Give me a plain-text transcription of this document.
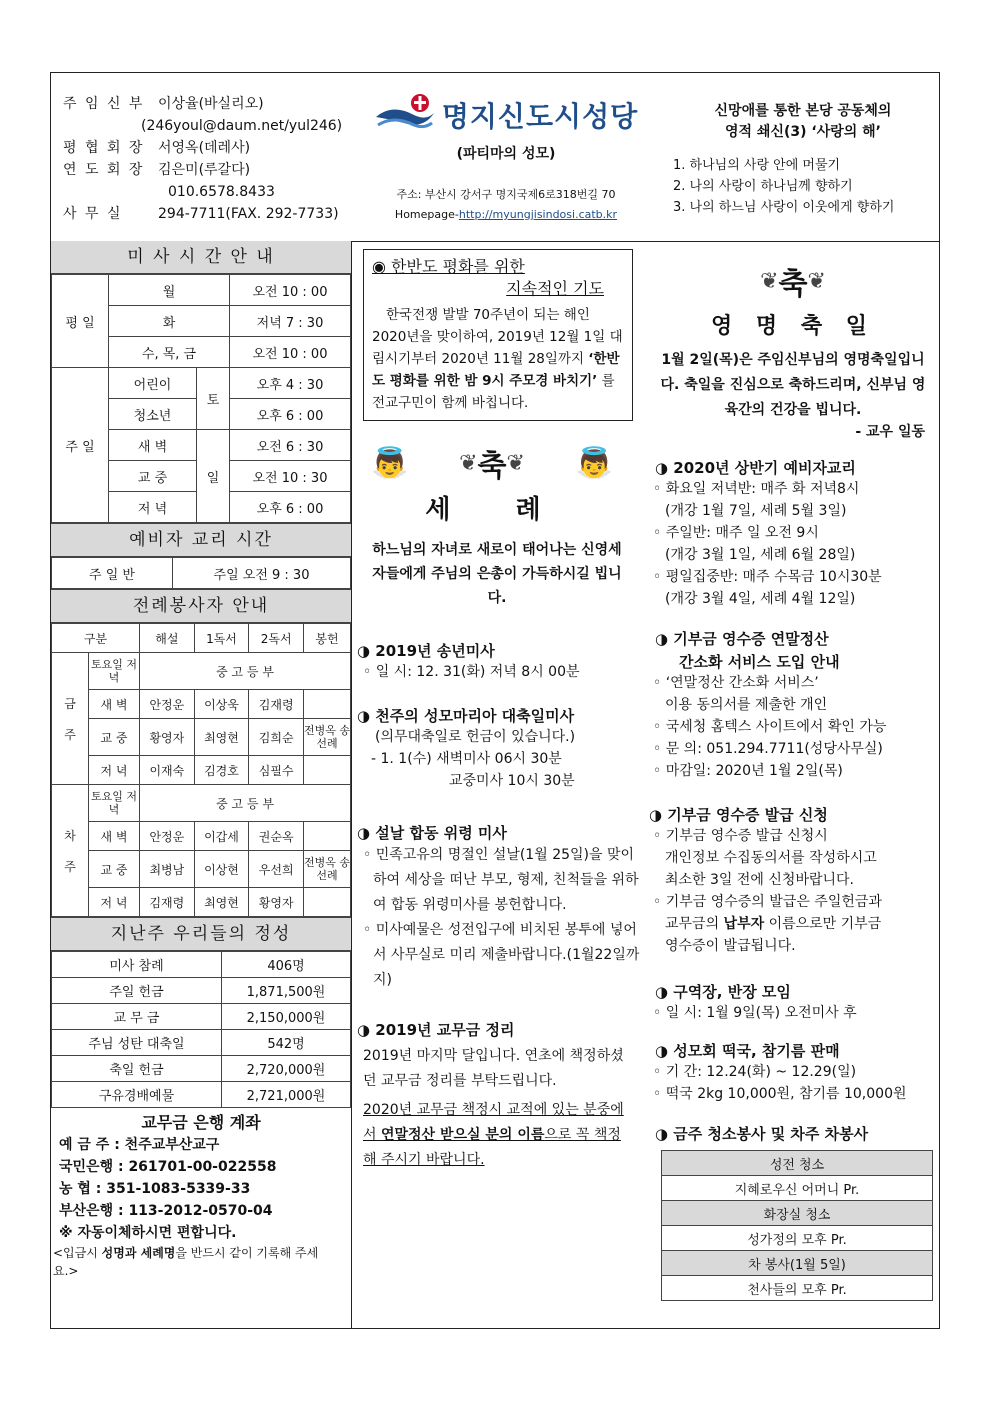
주 임 신 부 이상율(바실리오)
(246youl@daum.net/yul246)
평 협 회 장 서영옥(데레사)
연 도 회 장 김은미(루갈다)
010.6578.8433
사 무 실	294-7711(FAX. 292-7733)
명지신도시성당
(파티마의 성모)
주소: 부산시 강서구 명지국제6로318번길 70
Homepage-http://myungjisindosi.catb.kr
신망애를 통한 본당 공동체의
영적 쇄신(3) ‘사랑의 해’
1. 하나님의 사랑 안에 머물기
2. 나의 사랑이 하나님께 향하기
3. 나의 하느님 사랑이 이웃에게 향하기
미 사 시 간 안 내
평 일	월		오전 10 : 00
	화		저녁 7 : 30
	수, 목, 금		오전 10 : 00
주 일	어린이	토	오후 4 : 30
	청소년		오후 6 : 00
	새 벽	일	오전 6 : 30
	교 중		오전 10 : 30
	저 녁		오후 6 : 00
예비자 교리 시간
주 일 반	주일 오전 9 : 30
전례봉사자 안내
구분		해설	1독서	2독서	봉헌
금

주	토요일 저 녁	중 고 등 부			
	새 벽	안정운	이상욱	김재령	
	교 중	황영자	최영현	김희순	전병옥 송선례
	저 녁	이재숙	김경호	심필수	
차

주	토요일 저 녁	중 고 등 부			
	새 벽	안정운	이갑세	권순옥	
	교 중	최병남	이상현	우선희	전병옥 송선례
	저 녁	김재령	최영현	황영자	
지난주 우리들의 정성
미사 참례	406명
주일 헌금	1,871,500원
교 무 금	2,150,000원
주님 성탄 대축일	542명
축일 헌금	2,720,000원
구유경배예물	2,721,000원
교무금 은행 계좌
예 금 주 : 천주교부산교구
국민은행 : 261701-00-022558
농 협 : 351-1083-5339-33
부산은행 : 113-2012-0570-04
※ 자동이체하시면 편합니다.
<입금시 성명과 세례명을 반드시 같이 기록해 주세요.>
◉ 한반도 평화를 위한
지속적인 기도
한국전쟁 발발 70주년이 되는 해인 2020년을 맞이하여, 2019년 12월 1일 대림시기부터 2020년 11월 28일까지 ‘한반도 평화를 위한 밤 9시 주모경 바치기’ 를 전교구민이 함께 바칩니다.
👼 ❦ 축 ❦ 👼
세 례
하느님의 자녀로 새로이 태어나는 신영세자들에게 주님의 은총이 가득하시길 빕니다.
◑ 2019년 송년미사
◦ 일 시: 12. 31(화) 저녁 8시 00분
◑ 천주의 성모마리아 대축일미사
(의무대축일로 헌금이 있습니다.)
- 1. 1(수) 새벽미사 06시 30분
교중미사 10시 30분
◑ 설날 합동 위령 미사
◦ 민족고유의 명절인 설날(1월 25일)을 맞이하여 세상을 떠난 부모, 형제, 친척들을 위하여 합동 위령미사를 봉헌합니다.
◦ 미사예물은 성전입구에 비치된 봉투에 넣어서 사무실로 미리 제출바랍니다.(1월22일까지)
◑ 2019년 교무금 정리
2019년 마지막 달입니다. 연초에 책정하셨던 교무금 정리를 부탁드립니다.
2020년 교무금 책정시 교적에 있는 분중에서 연말정산 받으실 분의 이름으로 꼭 책정해 주시기 바랍니다.
❦ 축 ❦
영 명 축 일
1월 2일(목)은 주임신부님의 영명축일입니다. 축일을 진심으로 축하드리며, 신부님 영육간의 건강을 빕니다.
- 교우 일동
◑ 2020년 상반기 예비자교리
◦ 화요일 저녁반: 매주 화 저녁8시
(개강 1월 7일, 세례 5월 3일)
◦ 주일반: 매주 일 오전 9시
(개강 3월 1일, 세례 6월 28일)
◦ 평일집중반: 매주 수목금 10시30분
(개강 3월 4일, 세례 4월 12일)
◑ 기부금 영수증 연말정산
간소화 서비스 도입 안내
◦ ‘연말정산 간소화 서비스’
이용 동의서를 제출한 개인
◦ 국세청 홈텍스 사이트에서 확인 가능
◦ 문 의: 051.294.7711(성당사무실)
◦ 마감일: 2020년 1월 2일(목)
◑ 기부금 영수증 발급 신청
◦ 기부금 영수증 발급 신청시
개인정보 수집동의서를 작성하시고
최소한 3일 전에 신청바랍니다.
◦ 기부금 영수증의 발급은 주일헌금과
교무금의 납부자 이름으로만 기부금
영수증이 발급됩니다.
◑ 구역장, 반장 모임
◦ 일 시: 1월 9일(목) 오전미사 후
◑ 성모회 떡국, 참기름 판매
◦ 기 간: 12.24(화) ~ 12.29(일)
◦ 떡국 2kg 10,000원, 참기름 10,000원
◑ 금주 청소봉사 및 차주 차봉사
성전 청소
지혜로우신 어머니 Pr.
화장실 청소
성가정의 모후 Pr.
차 봉사(1월 5일)
천사들의 모후 Pr.
